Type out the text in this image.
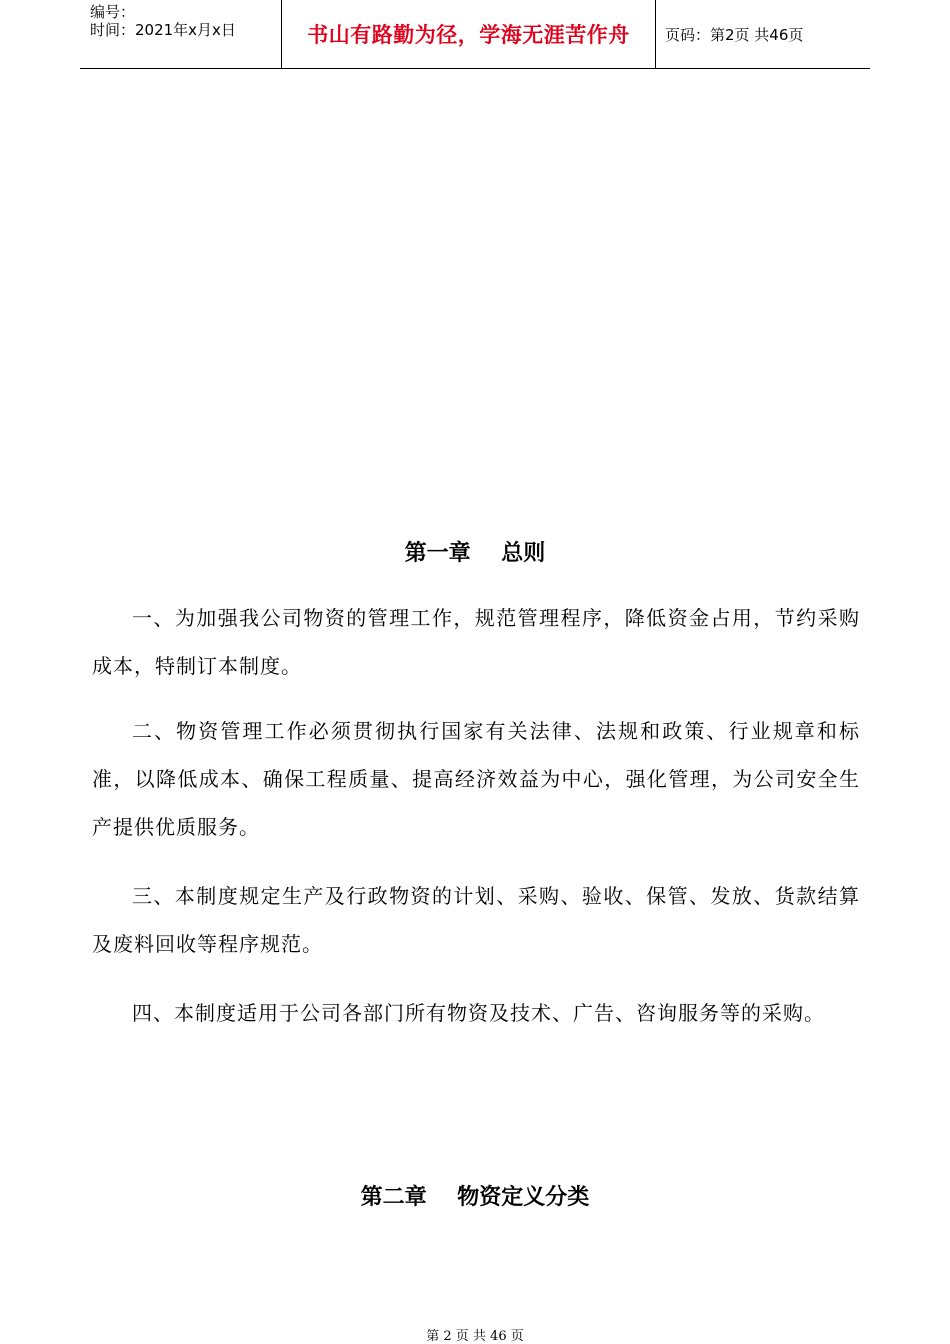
编号：
时间：2021年x月x日	书山有路勤为径，学海无涯苦作舟	页码：第2页 共46页
第一章    总则
一、为加强我公司物资的管理工作，规范管理程序，降低资金占用，节约采购成本，特制订本制度。
二、物资管理工作必须贯彻执行国家有关法律、法规和政策、行业规章和标准，以降低成本、确保工程质量、提高经济效益为中心，强化管理，为公司安全生产提供优质服务。
三、本制度规定生产及行政物资的计划、采购、验收、保管、发放、货款结算及废料回收等程序规范。
四、本制度适用于公司各部门所有物资及技术、广告、咨询服务等的采购。
第二章    物资定义分类
第 2 页 共 46 页
